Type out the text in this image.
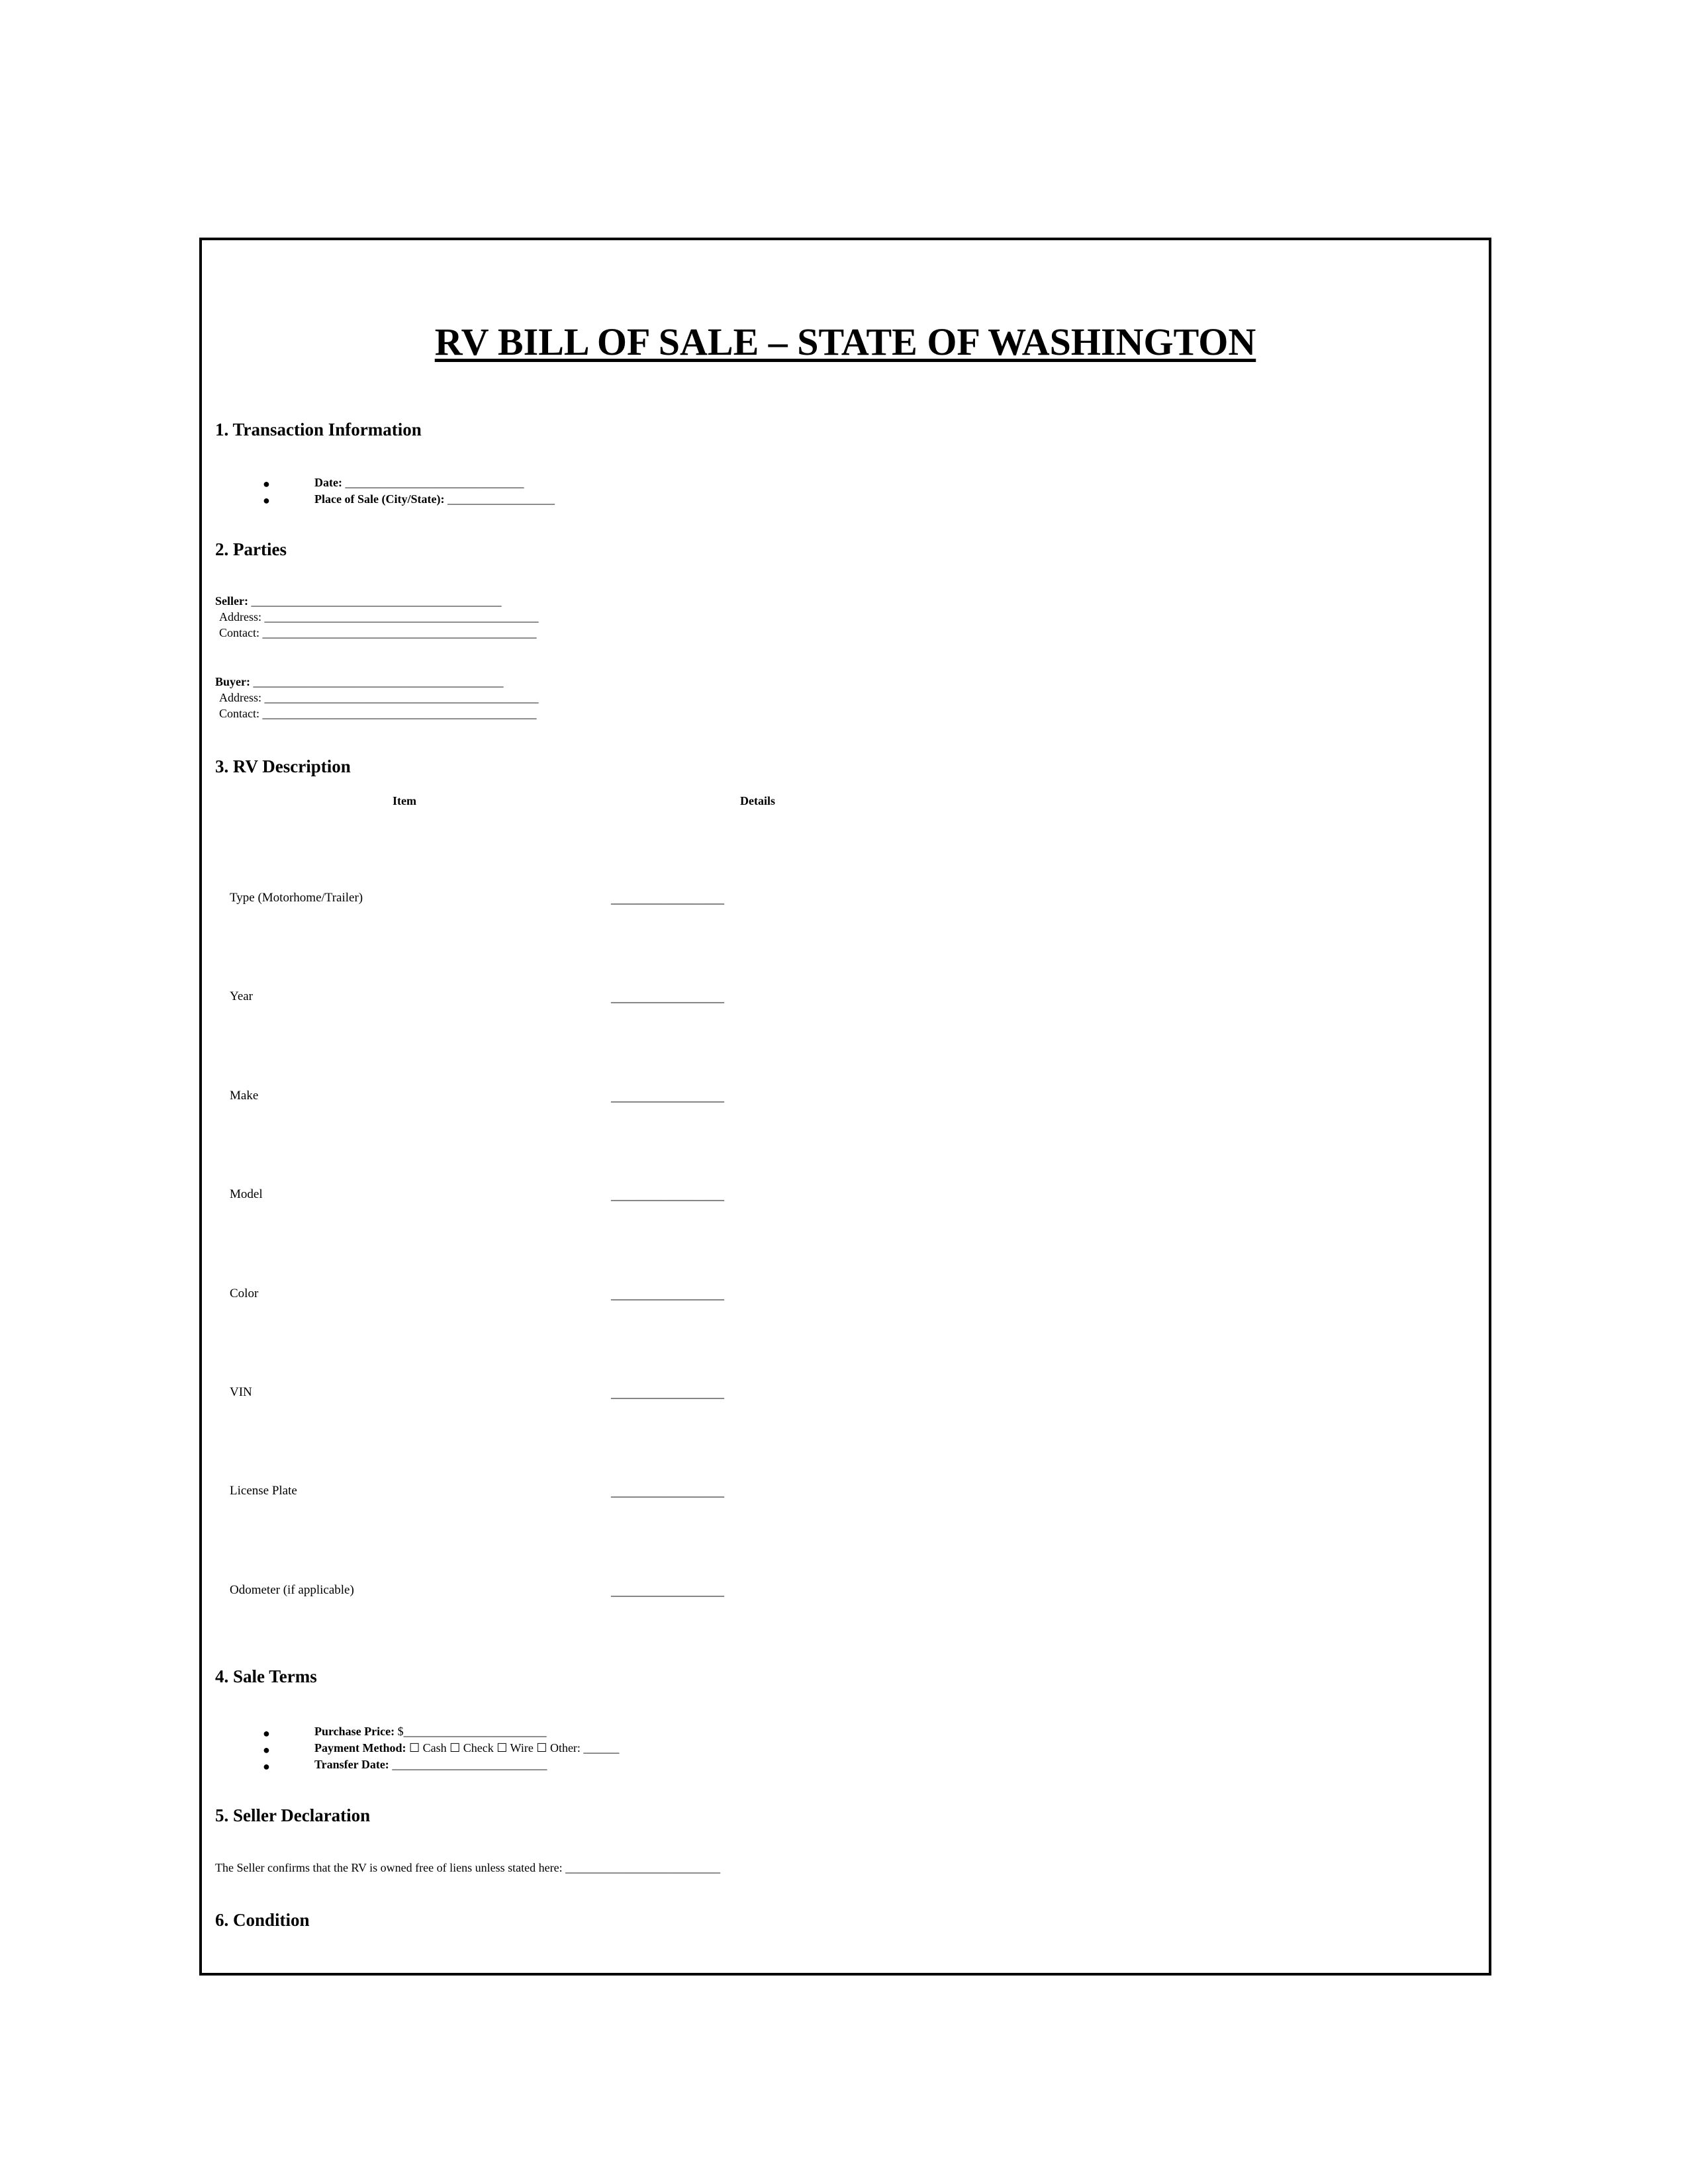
RV BILL OF SALE – STATE OF WASHINGTON
1. Transaction Information
●	Date: ______________________________
●	Place of Sale (City/State): __________________
2. Parties
Seller: __________________________________________
Address: ______________________________________________
Contact: ______________________________________________
Buyer: __________________________________________
Address: ______________________________________________
Contact: ______________________________________________
3. RV Description
Item	Details
Type (Motorhome/Trailer)	__________________
Year	__________________
Make	__________________
Model	__________________
Color	__________________
VIN	__________________
License Plate	__________________
Odometer (if applicable)	__________________
4. Sale Terms
●	Purchase Price: $________________________
●	Payment Method: ☐ Cash ☐ Check ☐ Wire ☐ Other: ______
●	Transfer Date: __________________________
5. Seller Declaration
The Seller confirms that the RV is owned free of liens unless stated here: __________________________
6. Condition
